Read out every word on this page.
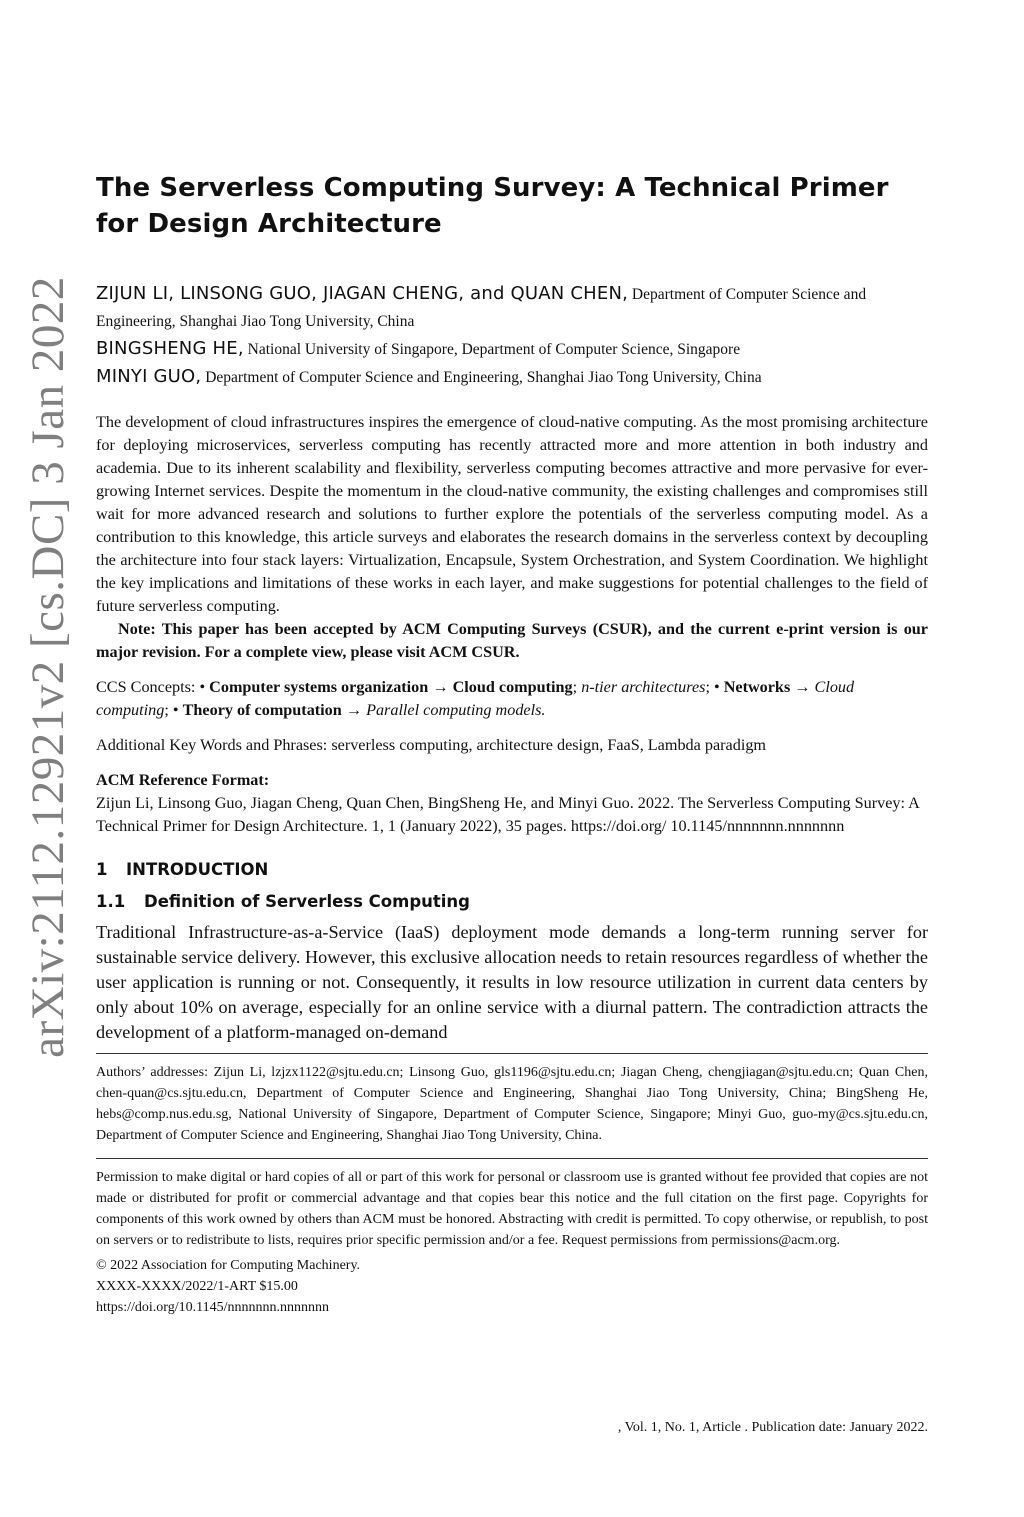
arXiv:2112.12921v2 [cs.DC] 3 Jan 2022
The Serverless Computing Survey: A Technical Primer for Design Architecture
ZIJUN LI, LINSONG GUO, JIAGAN CHENG, and QUAN CHEN, Department of Computer Science and Engineering, Shanghai Jiao Tong University, China
BINGSHENG HE, National University of Singapore, Department of Computer Science, Singapore
MINYI GUO, Department of Computer Science and Engineering, Shanghai Jiao Tong University, China

The development of cloud infrastructures inspires the emergence of cloud-native computing. As the most promising architecture for deploying microservices, serverless computing has recently attracted more and more attention in both industry and academia. Due to its inherent scalability and flexibility, serverless computing becomes attractive and more pervasive for ever-growing Internet services. Despite the momentum in the cloud-native community, the existing challenges and compromises still wait for more advanced research and solutions to further explore the potentials of the serverless computing model. As a contribution to this knowledge, this article surveys and elaborates the research domains in the serverless context by decoupling the architecture into four stack layers: Virtualization, Encapsule, System Orchestration, and System Coordination. We highlight the key implications and limitations of these works in each layer, and make suggestions for potential challenges to the field of future serverless computing.

Note: This paper has been accepted by ACM Computing Surveys (CSUR), and the current e-print version is our major revision. For a complete view, please visit ACM CSUR.

CCS Concepts: • Computer systems organization → Cloud computing; n-tier architectures; • Networks → Cloud computing; • Theory of computation → Parallel computing models.
Additional Key Words and Phrases: serverless computing, architecture design, FaaS, Lambda paradigm
ACM Reference Format:
Zijun Li, Linsong Guo, Jiagan Cheng, Quan Chen, BingSheng He, and Minyi Guo. 2022. The Serverless Computing Survey: A Technical Primer for Design Architecture. 1, 1 (January 2022), 35 pages. https://doi.org/ 10.1145/nnnnnnn.nnnnnnn
1 INTRODUCTION
1.1 Definition of Serverless Computing
Traditional Infrastructure-as-a-Service (IaaS) deployment mode demands a long-term running server for sustainable service delivery. However, this exclusive allocation needs to retain resources regardless of whether the user application is running or not. Consequently, it results in low resource utilization in current data centers by only about 10% on average, especially for an online service with a diurnal pattern. The contradiction attracts the development of a platform-managed on-demand
Authors’ addresses: Zijun Li, lzjzx1122@sjtu.edu.cn; Linsong Guo, gls1196@sjtu.edu.cn; Jiagan Cheng, chengjiagan@sjtu.edu.cn; Quan Chen, chen-quan@cs.sjtu.edu.cn, Department of Computer Science and Engineering, Shanghai Jiao Tong University, China; BingSheng He, hebs@comp.nus.edu.sg, National University of Singapore, Department of Computer Science, Singapore; Minyi Guo, guo-my@cs.sjtu.edu.cn, Department of Computer Science and Engineering, Shanghai Jiao Tong University, China.
Permission to make digital or hard copies of all or part of this work for personal or classroom use is granted without fee provided that copies are not made or distributed for profit or commercial advantage and that copies bear this notice and the full citation on the first page. Copyrights for components of this work owned by others than ACM must be honored. Abstracting with credit is permitted. To copy otherwise, or republish, to post on servers or to redistribute to lists, requires prior specific permission and/or a fee. Request permissions from permissions@acm.org.
© 2022 Association for Computing Machinery.
XXXX-XXXX/2022/1-ART $15.00
https://doi.org/10.1145/nnnnnnn.nnnnnnn
, Vol. 1, No. 1, Article . Publication date: January 2022.
